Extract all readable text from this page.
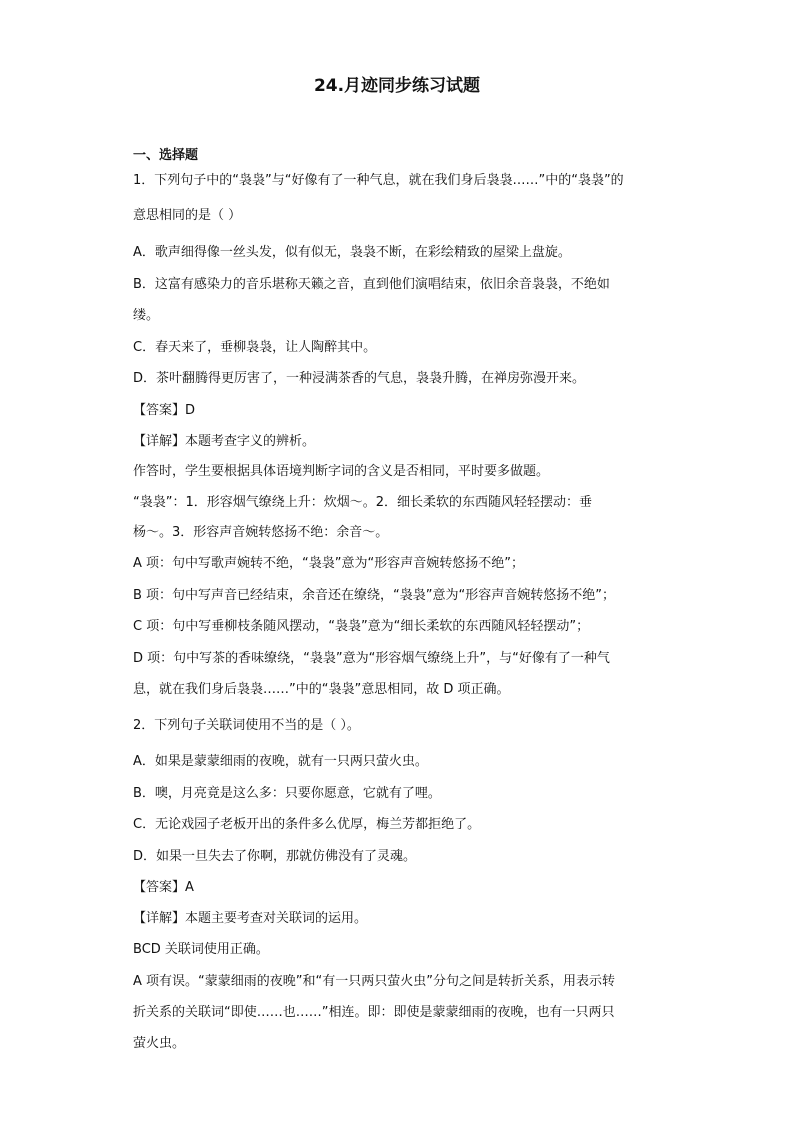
24.月迹同步练习试题
一、选择题
1．下列句子中的“袅袅”与“好像有了一种气息，就在我们身后袅袅……”中的“袅袅”的
意思相同的是（ ）
A．歌声细得像一丝头发，似有似无，袅袅不断，在彩绘精致的屋梁上盘旋。
B．这富有感染力的音乐堪称天籁之音，直到他们演唱结束，依旧余音袅袅，不绝如
缕。
C．春天来了，垂柳袅袅，让人陶醉其中。
D．茶叶翻腾得更厉害了，一种浸满茶香的气息，袅袅升腾，在禅房弥漫开来。
【答案】D
【详解】本题考查字义的辨析。
作答时，学生要根据具体语境判断字词的含义是否相同，平时要多做题。
“袅袅”：1．形容烟气缭绕上升：炊烟～。2．细长柔软的东西随风轻轻摆动：垂
杨～。3．形容声音婉转悠扬不绝：余音～。
A 项：句中写歌声婉转不绝，“袅袅”意为“形容声音婉转悠扬不绝”；
B 项：句中写声音已经结束，余音还在缭绕，“袅袅”意为“形容声音婉转悠扬不绝”；
C 项：句中写垂柳枝条随风摆动，“袅袅”意为“细长柔软的东西随风轻轻摆动”；
D 项：句中写茶的香味缭绕，“袅袅”意为“形容烟气缭绕上升”，与“好像有了一种气
息，就在我们身后袅袅……”中的“袅袅”意思相同，故 D 项正确。
2．下列句子关联词使用不当的是（ ）。
A．如果是蒙蒙细雨的夜晚，就有一只两只萤火虫。
B．噢，月亮竟是这么多：只要你愿意，它就有了哩。
C．无论戏园子老板开出的条件多么优厚，梅兰芳都拒绝了。
D．如果一旦失去了你啊，那就仿佛没有了灵魂。
【答案】A
【详解】本题主要考查对关联词的运用。
BCD 关联词使用正确。
A 项有误。“蒙蒙细雨的夜晚”和“有一只两只萤火虫”分句之间是转折关系，用表示转
折关系的关联词“即使……也……”相连。即：即使是蒙蒙细雨的夜晚，也有一只两只
萤火虫。
